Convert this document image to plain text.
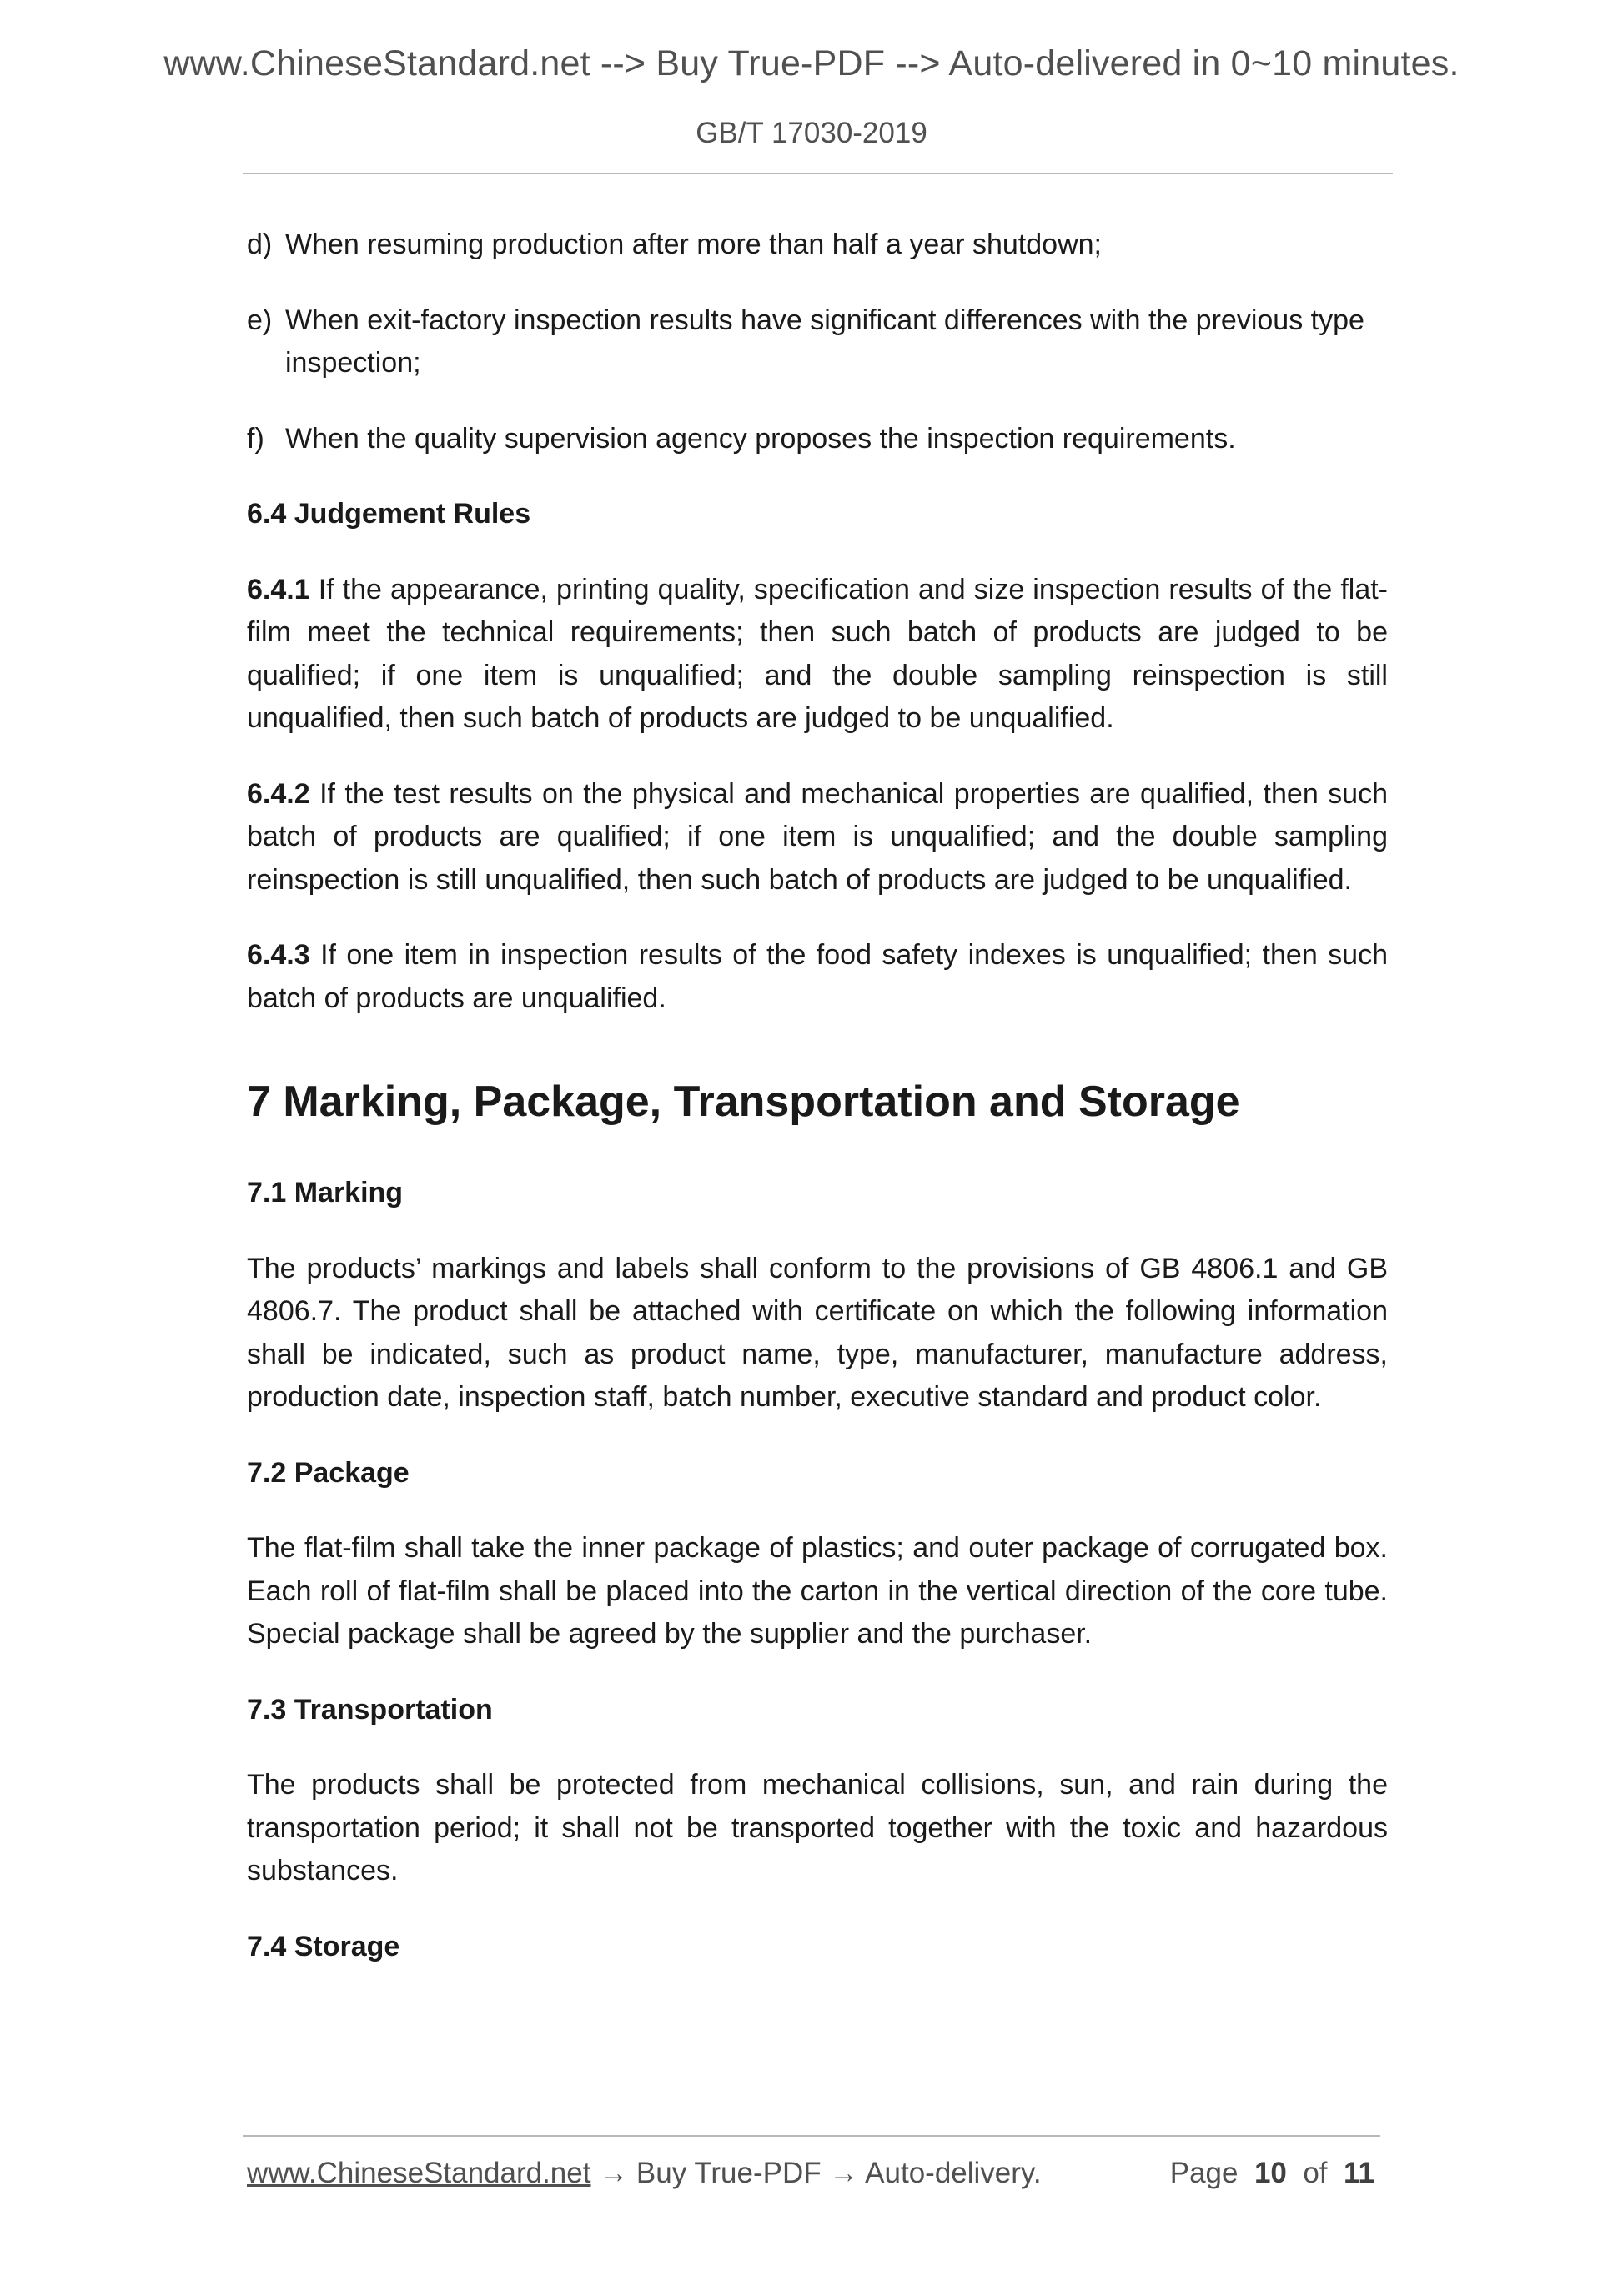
www.ChineseStandard.net --> Buy True-PDF --> Auto-delivered in 0~10 minutes.
GB/T 17030-2019
d) When resuming production after more than half a year shutdown;
e) When exit-factory inspection results have significant differences with the previous type inspection;
f) When the quality supervision agency proposes the inspection requirements.
6.4 Judgement Rules
6.4.1 If the appearance, printing quality, specification and size inspection results of the flat-film meet the technical requirements; then such batch of products are judged to be qualified; if one item is unqualified; and the double sampling reinspection is still unqualified, then such batch of products are judged to be unqualified.
6.4.2 If the test results on the physical and mechanical properties are qualified, then such batch of products are qualified; if one item is unqualified; and the double sampling reinspection is still unqualified, then such batch of products are judged to be unqualified.
6.4.3 If one item in inspection results of the food safety indexes is unqualified; then such batch of products are unqualified.
7 Marking, Package, Transportation and Storage
7.1 Marking
The products’ markings and labels shall conform to the provisions of GB 4806.1 and GB 4806.7. The product shall be attached with certificate on which the following information shall be indicated, such as product name, type, manufacturer, manufacture address, production date, inspection staff, batch number, executive standard and product color.
7.2 Package
The flat-film shall take the inner package of plastics; and outer package of corrugated box. Each roll of flat-film shall be placed into the carton in the vertical direction of the core tube. Special package shall be agreed by the supplier and the purchaser.
7.3 Transportation
The products shall be protected from mechanical collisions, sun, and rain during the transportation period; it shall not be transported together with the toxic and hazardous substances.
7.4 Storage
www.ChineseStandard.net → Buy True-PDF → Auto-delivery.	Page 10 of 11
